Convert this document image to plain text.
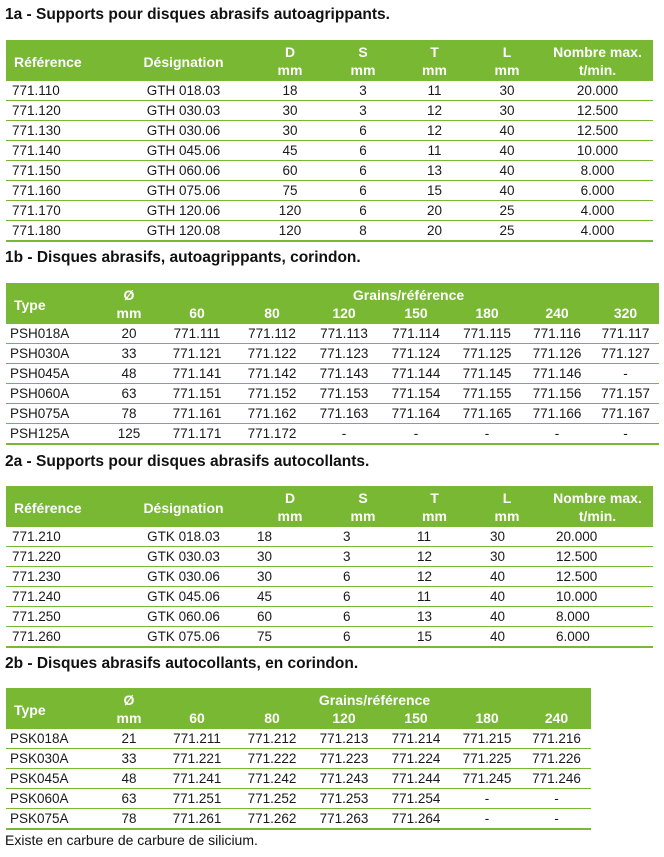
1a - Supports pour disques abrasifs autoagrippants.
Référence	Désignation	D	S	T	L	Nombre max.
		mm	mm	mm	mm	t/min.
771.110	GTH 018.03	18	3	11	30	20.000
771.120	GTH 030.03	30	3	12	30	12.500
771.130	GTH 030.06	30	6	12	40	12.500
771.140	GTH 045.06	45	6	11	40	10.000
771.150	GTH 060.06	60	6	13	40	8.000
771.160	GTH 075.06	75	6	15	40	6.000
771.170	GTH 120.06	120	6	20	25	4.000
771.180	GTH 120.08	120	8	20	25	4.000
1b - Disques abrasifs, autoagrippants, corindon.
Type	Ø	Grains/référence						
	mm	60	80	120	150	180	240	320
PSH018A	20	771.111	771.112	771.113	771.114	771.115	771.116	771.117
PSH030A	33	771.121	771.122	771.123	771.124	771.125	771.126	771.127
PSH045A	48	771.141	771.142	771.143	771.144	771.145	771.146	-
PSH060A	63	771.151	771.152	771.153	771.154	771.155	771.156	771.157
PSH075A	78	771.161	771.162	771.163	771.164	771.165	771.166	771.167
PSH125A	125	771.171	771.172	-	-	-	-	-
2a - Supports pour disques abrasifs autocollants.
Référence	Désignation	D	S	T	L	Nombre max.
		mm	mm	mm	mm	t/min.
771.210	GTK 018.03	18	3	11	30	20.000
771.220	GTK 030.03	30	3	12	30	12.500
771.230	GTK 030.06	30	6	12	40	12.500
771.240	GTK 045.06	45	6	11	40	10.000
771.250	GTK 060.06	60	6	13	40	8.000
771.260	GTK 075.06	75	6	15	40	6.000
2b - Disques abrasifs autocollants, en corindon.
Type	Ø	Grains/référence					
	mm	60	80	120	150	180	240
PSK018A	21	771.211	771.212	771.213	771.214	771.215	771.216
PSK030A	33	771.221	771.222	771.223	771.224	771.225	771.226
PSK045A	48	771.241	771.242	771.243	771.244	771.245	771.246
PSK060A	63	771.251	771.252	771.253	771.254	-	-
PSK075A	78	771.261	771.262	771.263	771.264	-	-
Existe en carbure de carbure de silicium.
